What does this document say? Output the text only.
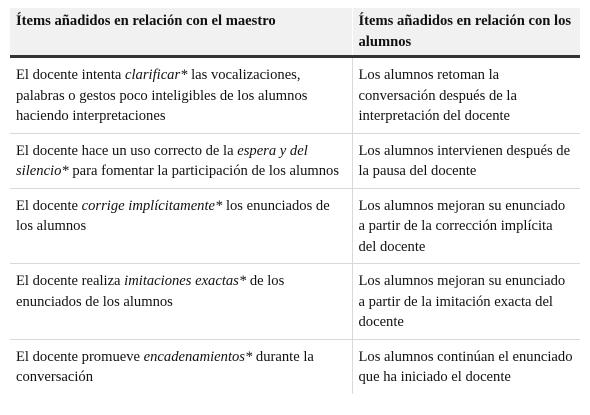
Ítems añadidos en relación con el maestro	Ítems añadidos en relación con los alumnos
El docente intenta clarificar* las vocalizaciones, palabras o gestos poco inteligibles de los alumnos haciendo interpretaciones	Los alumnos retoman la conversación después de la interpretación del docente
El docente hace un uso correcto de la espera y del silencio* para fomentar la participación de los alumnos	Los alumnos intervienen después de la pausa del docente
El docente corrige implícitamente* los enunciados de los alumnos	Los alumnos mejoran su enunciado a partir de la corrección implícita del docente
El docente realiza imitaciones exactas* de los enunciados de los alumnos	Los alumnos mejoran su enunciado a partir de la imitación exacta del docente
El docente promueve encadenamientos* durante la conversación	Los alumnos continúan el enunciado que ha iniciado el docente
